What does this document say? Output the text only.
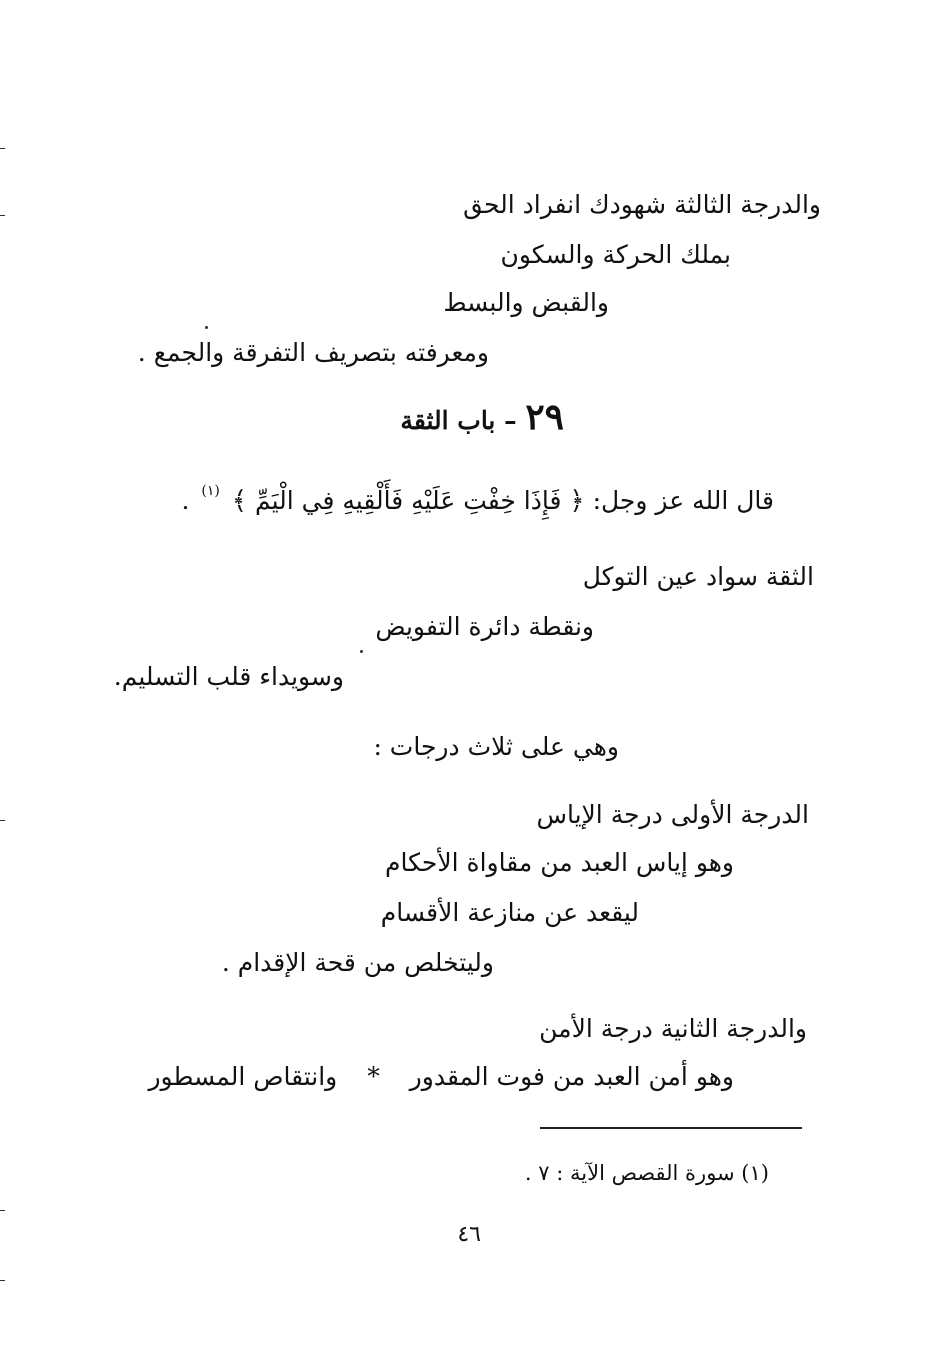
والدرجة الثالثة شهودك انفراد الحق
بملك الحركة والسكون
والقبض والبسط
ومعرفته بتصريف التفرقة والجمع .
٢٩ – باب الثقة
قال الله عز وجل: ﴿ فَإِذَا خِفْتِ عَلَيْهِ فَأَلْقِيهِ فِي الْيَمِّ ﴾ $^{(١)}$ .
الثقة سواد عين التوكل
ونقطة دائرة التفويض
وسويداء قلب التسليم.
وهي على ثلاث درجات :
الدرجة الأولى درجة الإياس
وهو إياس العبد من مقاواة الأحكام
ليقعد عن منازعة الأقسام
وليتخلص من قحة الإقدام .
والدرجة الثانية درجة الأمن
وهو أمن العبد من فوت المقدور * وانتقاص المسطور
(١) سورة القصص الآية : ٧ .
٤٦
